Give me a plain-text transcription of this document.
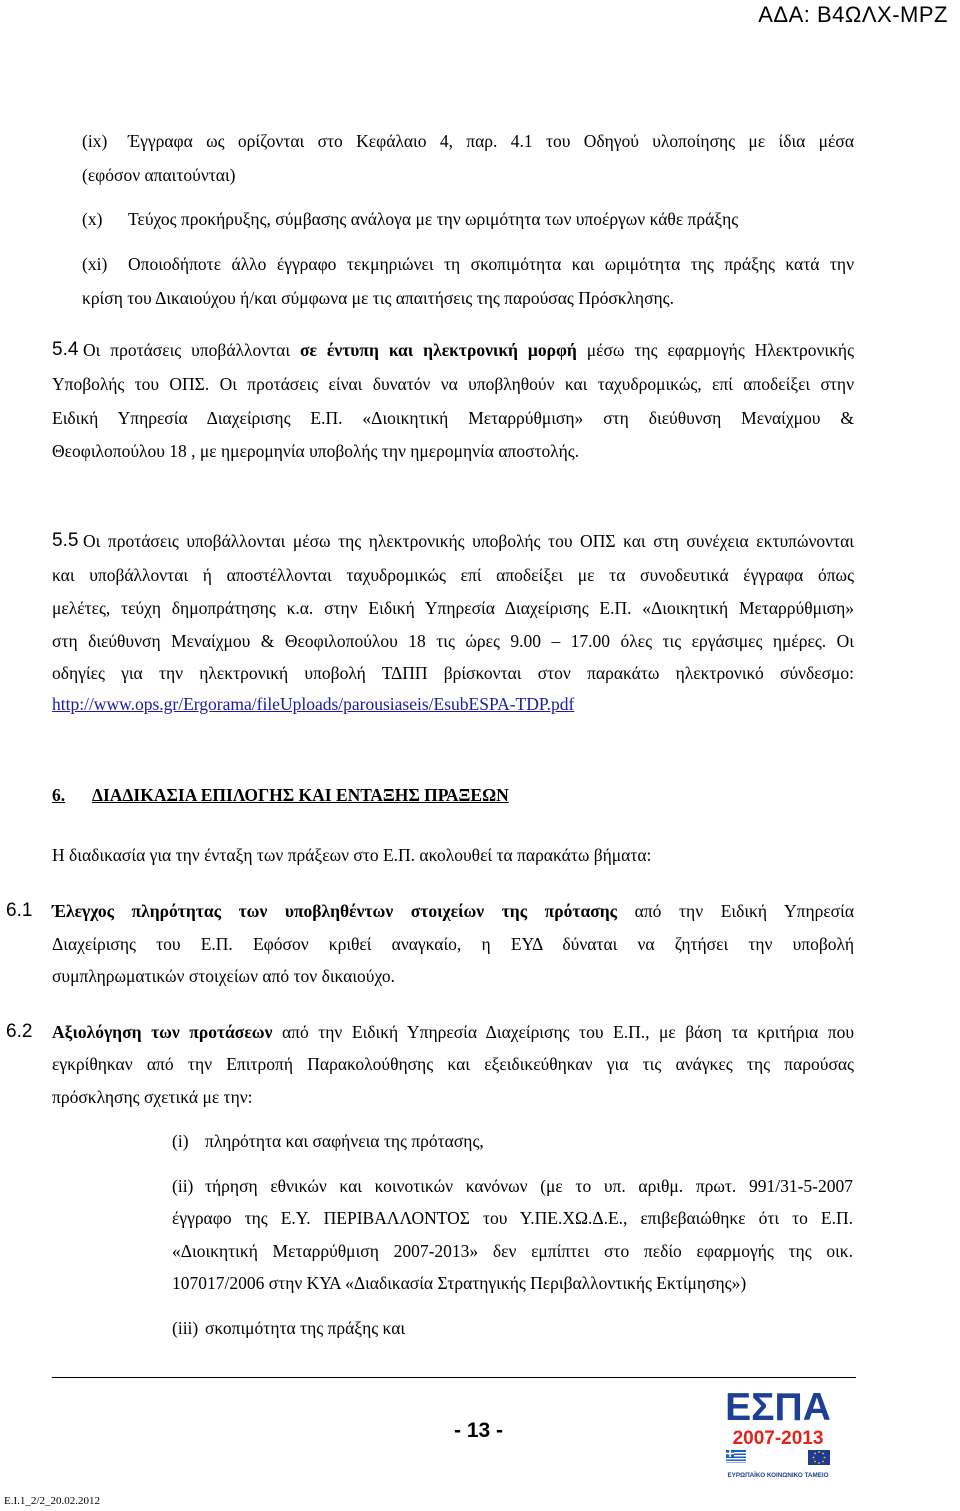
ΑΔΑ: Β4ΩΛΧ-ΜΡΖ
(ix) Έγγραφα ως ορίζονται στο Κεφάλαιο 4, παρ. 4.1 του Οδηγού υλοποίησης με ίδια μέσα
(εφόσον απαιτούνται)
(x) Τεύχος προκήρυξης, σύμβασης ανάλογα με την ωριμότητα των υποέργων κάθε πράξης
(xi) Οποιοδήποτε άλλο έγγραφο τεκμηριώνει τη σκοπιμότητα και ωριμότητα της πράξης κατά την
κρίση του Δικαιούχου ή/και σύμφωνα με τις απαιτήσεις της παρούσας Πρόσκλησης.
5.4 Οι προτάσεις υποβάλλονται σε έντυπη και ηλεκτρονική μορφή μέσω της εφαρμογής Ηλεκτρονικής
Υποβολής του ΟΠΣ. Οι προτάσεις είναι δυνατόν να υποβληθούν και ταχυδρομικώς, επί αποδείξει στην
Ειδική Υπηρεσία Διαχείρισης Ε.Π. «Διοικητική Μεταρρύθμιση» στη διεύθυνση Μεναίχμου &
Θεοφιλοπούλου 18 , με ημερομηνία υποβολής την ημερομηνία αποστολής.
5.5 Οι προτάσεις υποβάλλονται μέσω της ηλεκτρονικής υποβολής του ΟΠΣ και στη συνέχεια εκτυπώνονται
και υποβάλλονται ή αποστέλλονται ταχυδρομικώς επί αποδείξει με τα συνοδευτικά έγγραφα όπως
μελέτες, τεύχη δημοπράτησης κ.α. στην Ειδική Υπηρεσία Διαχείρισης Ε.Π. «Διοικητική Μεταρρύθμιση»
στη διεύθυνση Μεναίχμου & Θεοφιλοπούλου 18 τις ώρες 9.00 – 17.00 όλες τις εργάσιμες ημέρες. Οι
οδηγίες για την ηλεκτρονική υποβολή ΤΔΠΠ βρίσκονται στον παρακάτω ηλεκτρονικό σύνδεσμο:
http://www.ops.gr/Ergorama/fileUploads/parousiaseis/EsubESPA-TDP.pdf
6. ΔΙΑΔΙΚΑΣΙΑ ΕΠΙΛΟΓΗΣ ΚΑΙ ΕΝΤΑΞΗΣ ΠΡΑΞΕΩΝ
Η διαδικασία για την ένταξη των πράξεων στο Ε.Π. ακολουθεί τα παρακάτω βήματα:
6.1 Έλεγχος πληρότητας των υποβληθέντων στοιχείων της πρότασης από την Ειδική Υπηρεσία
Διαχείρισης του Ε.Π. Εφόσον κριθεί αναγκαίο, η ΕΥΔ δύναται να ζητήσει την υποβολή
συμπληρωματικών στοιχείων από τον δικαιούχο.
6.2 Αξιολόγηση των προτάσεων από την Ειδική Υπηρεσία Διαχείρισης του Ε.Π., με βάση τα κριτήρια που
εγκρίθηκαν από την Επιτροπή Παρακολούθησης και εξειδικεύθηκαν για τις ανάγκες της παρούσας
πρόσκλησης σχετικά με την:
(i) πληρότητα και σαφήνεια της πρότασης,
(ii) τήρηση εθνικών και κοινοτικών κανόνων (με το υπ. αριθμ. πρωτ. 991/31-5-2007
έγγραφο της Ε.Υ. ΠΕΡΙΒΑΛΛΟΝΤΟΣ του Υ.ΠΕ.ΧΩ.Δ.Ε., επιβεβαιώθηκε ότι το Ε.Π.
«Διοικητική Μεταρρύθμιση 2007-2013» δεν εμπίπτει στο πεδίο εφαρμογής της οικ.
107017/2006 στην ΚΥΑ «Διαδικασία Στρατηγικής Περιβαλλοντικής Εκτίμησης»)
(iii) σκοπιμότητα της πράξης και
- 13 -
Ε.Ι.1_2/2_20.02.2012
ΕΣΠΑ
2007-2013
ΕΥΡΩΠΑΪΚΟ ΚΟΙΝΩΝΙΚΟ ΤΑΜΕΙΟ
